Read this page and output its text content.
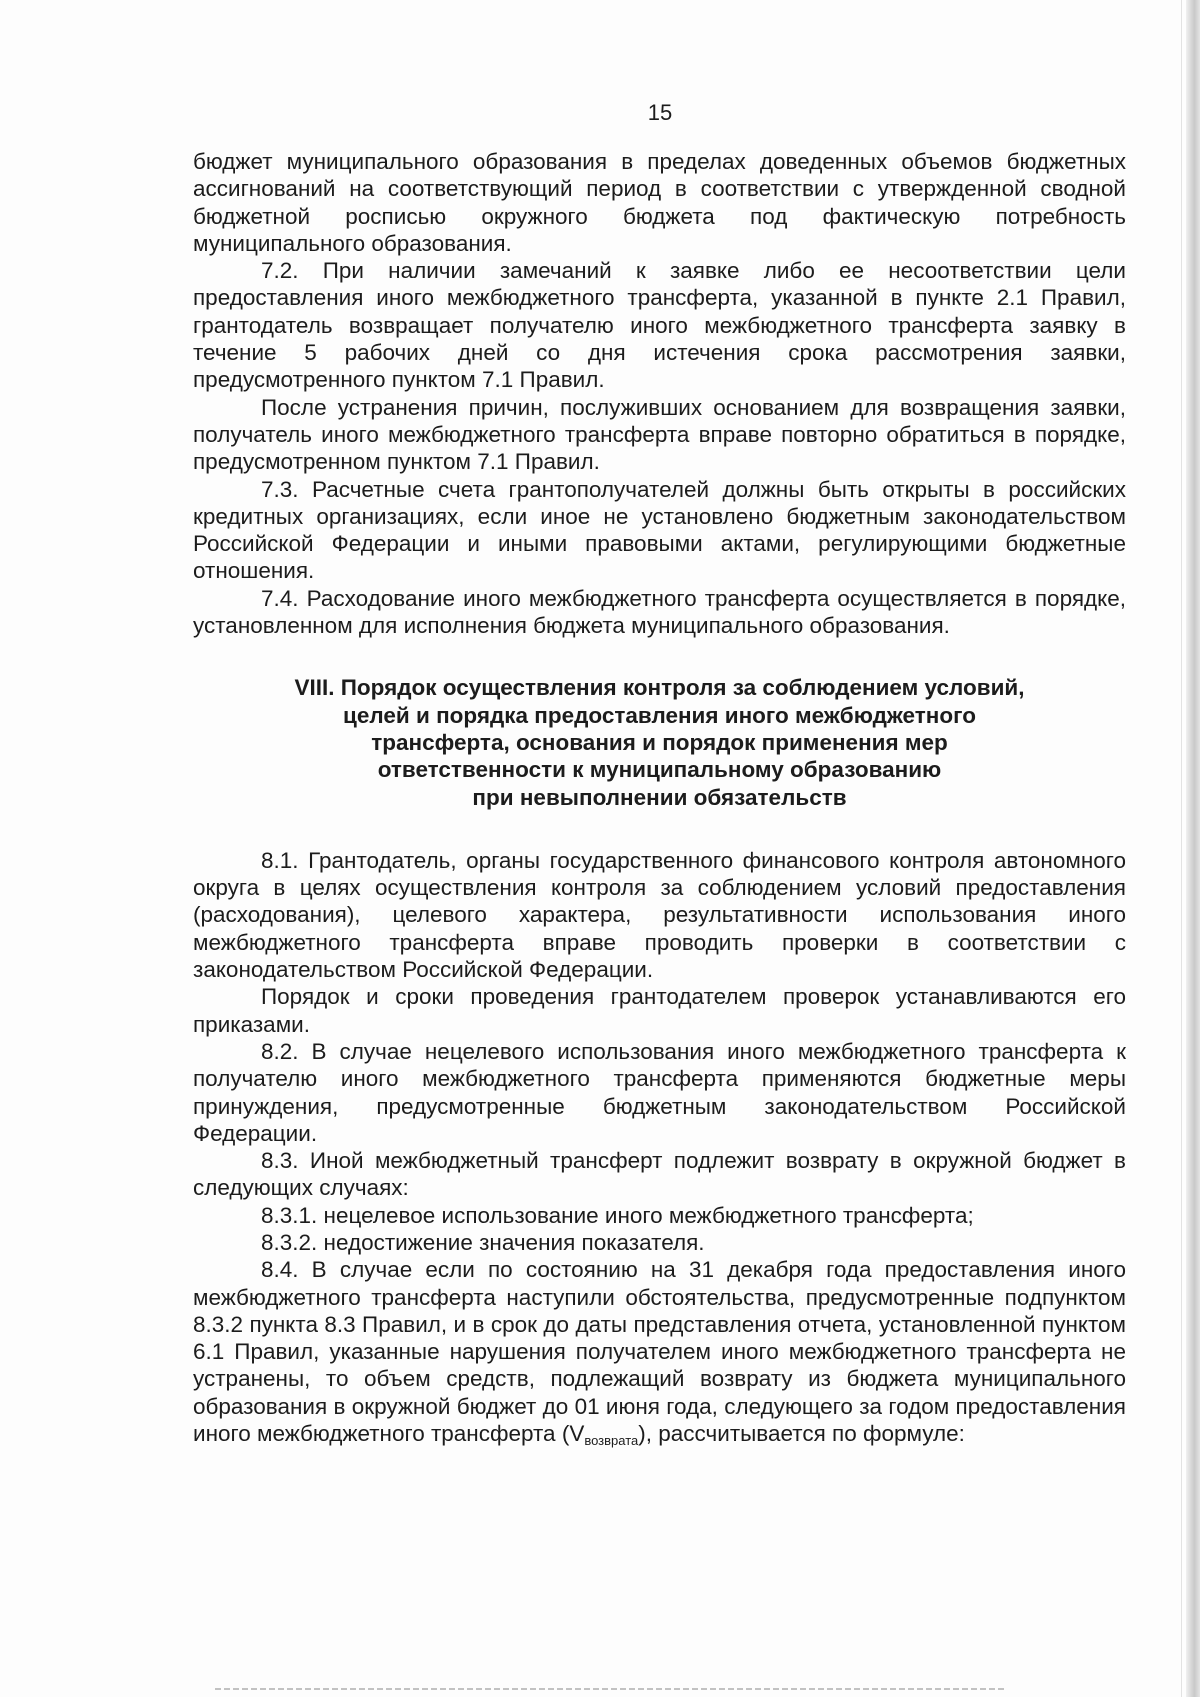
15

бюджет муниципального образования в пределах доведенных объемов бюджетных ассигнований на соответствующий период в соответствии с утвержденной сводной бюджетной росписью окружного бюджета под фактическую потребность муниципального образования.

7.2. При наличии замечаний к заявке либо ее несоответствии цели предоставления иного межбюджетного трансферта, указанной в пункте 2.1 Правил, грантодатель возвращает получателю иного межбюджетного трансферта заявку в течение 5 рабочих дней со дня истечения срока рассмотрения заявки, предусмотренного пунктом 7.1 Правил.

После устранения причин, послуживших основанием для возвращения заявки, получатель иного межбюджетного трансферта вправе повторно обратиться в порядке, предусмотренном пунктом 7.1 Правил.

7.3. Расчетные счета грантополучателей должны быть открыты в российских кредитных организациях, если иное не установлено бюджетным законодательством Российской Федерации и иными правовыми актами, регулирующими бюджетные отношения.

7.4. Расходование иного межбюджетного трансферта осуществляется в порядке, установленном для исполнения бюджета муниципального образования.

VIII. Порядок осуществления контроля за соблюдением условий,
целей и порядка предоставления иного межбюджетного
трансферта, основания и порядок применения мер
ответственности к муниципальному образованию
при невыполнении обязательств

8.1. Грантодатель, органы государственного финансового контроля автономного округа в целях осуществления контроля за соблюдением условий предоставления (расходования), целевого характера, результативности использования иного межбюджетного трансферта вправе проводить проверки в соответствии с законодательством Российской Федерации.

Порядок и сроки проведения грантодателем проверок устанавливаются его приказами.

8.2. В случае нецелевого использования иного межбюджетного трансферта к получателю иного межбюджетного трансферта применяются бюджетные меры принуждения, предусмотренные бюджетным законодательством Российской Федерации.

8.3. Иной межбюджетный трансферт подлежит возврату в окружной бюджет в следующих случаях:

8.3.1. нецелевое использование иного межбюджетного трансферта;

8.3.2. недостижение значения показателя.

8.4. В случае если по состоянию на 31 декабря года предоставления иного межбюджетного трансферта наступили обстоятельства, предусмотренные подпунктом 8.3.2 пункта 8.3 Правил, и в срок до даты представления отчета, установленной пунктом 6.1 Правил, указанные нарушения получателем иного межбюджетного трансферта не устранены, то объем средств, подлежащий возврату из бюджета муниципального образования в окружной бюджет до 01 июня года, следующего за годом предоставления иного межбюджетного трансферта $(V_{возврата})$, рассчитывается по формуле:
